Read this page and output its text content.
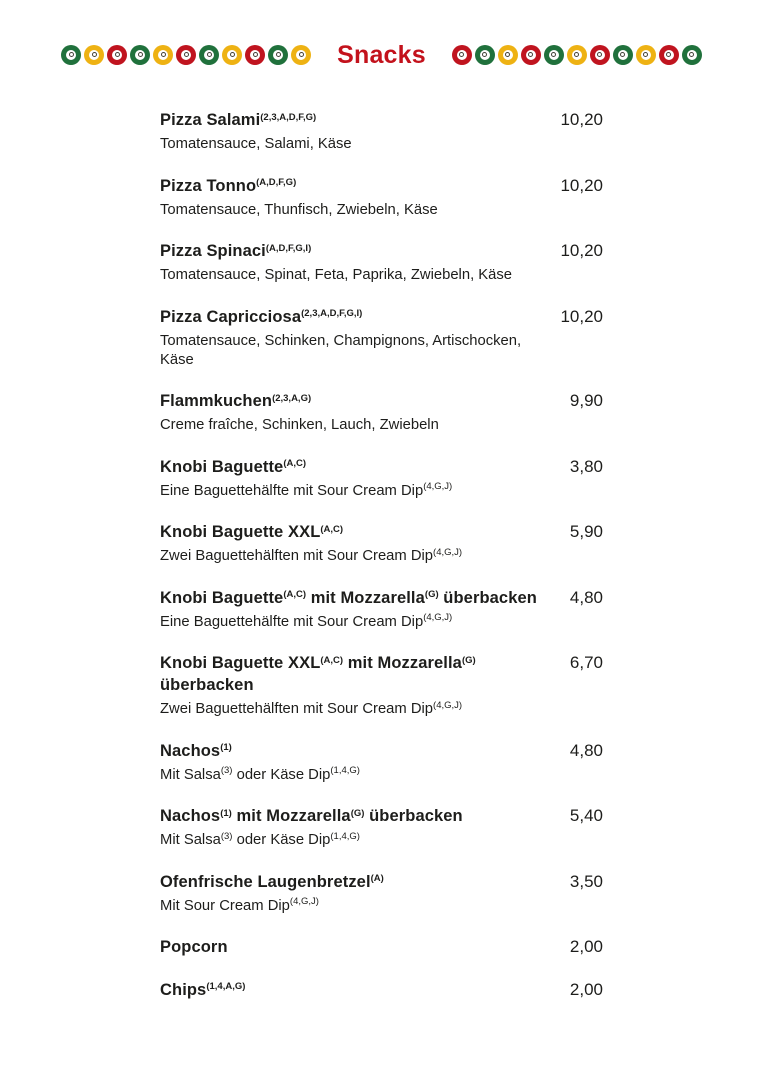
Snacks
Pizza Salami$^{(2,3,A,D,F,G)}$

Tomatensauce, Salami, Käse

10,20
Pizza Tonno$^{(A,D,F,G)}$

Tomatensauce, Thunfisch, Zwiebeln, Käse

10,20
Pizza Spinaci$^{(A,D,F,G,I)}$

Tomatensauce, Spinat, Feta, Paprika, Zwiebeln, Käse

10,20
Pizza Capricciosa$^{(2,3,A,D,F,G,I)}$

Tomatensauce, Schinken, Champignons, Artischocken, Käse

10,20
Flammkuchen$^{(2,3,A,G)}$

Creme fraîche, Schinken, Lauch, Zwiebeln

9,90
Knobi Baguette$^{(A,C)}$

Eine Baguettehälfte mit Sour Cream Dip$^{(4,G,J)}$

3,80
Knobi Baguette $XXL^{(A,C)}$

Zwei Baguettehälften mit Sour Cream Dip$^{(4,G,J)}$

5,90
Knobi Baguette$^{(A,C)}$ mit Mozzarella$^{(G)}$ überbacken

Eine Baguettehälfte mit Sour Cream Dip$^{(4,G,J)}$

4,80
Knobi Baguette $XXL^{(A,C)}$ mit Mozzarella$^{(G)}$ überbacken

Zwei Baguettehälften mit Sour Cream Dip$^{(4,G,J)}$

6,70
Nachos$^{(1)}$

Mit Salsa$^{(3)}$ oder Käse Dip$^{(1,4,G)}$

4,80
Nachos$^{(1)}$ mit Mozzarella$^{(G)}$ überbacken

Mit Salsa$^{(3)}$ oder Käse Dip$^{(1,4,G)}$

5,40
Ofenfrische Laugenbretzel$^{(A)}$

Mit Sour Cream Dip$^{(4,G,J)}$

3,50
Popcorn	2,00
Chips$^{(1,4,A,G)}$	2,00
